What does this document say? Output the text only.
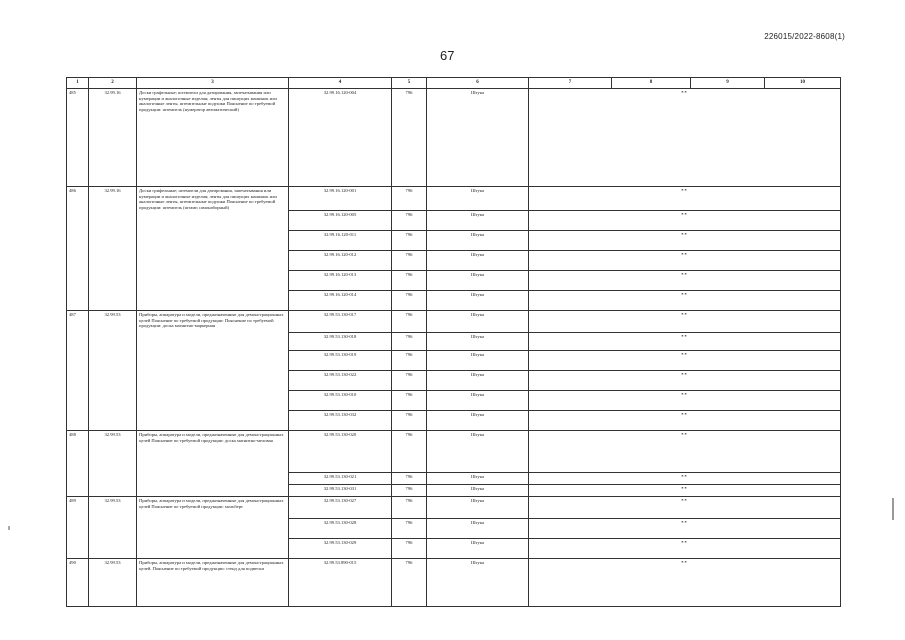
226015/2022-8608(1)
67
1	2	3	4	5	6	7	8	9	10
485	32.99.16	Доски графельные; штемпели для датирования, запечатывания или нумерации и аналогичные изделия; ленты для пишущих машинок или аналогичные ленты, штемпельные подушки Пояснение по требуемой продукции: штемпель (нумератор автоматический)	32.99.16.120-004	796	Штука	**			
486	32.99.16	Доски грифельные; штемпели для датирования, запечатывания или нумерации и аналогичные изделия; ленты для пишущих машинок или аналогичные ленты, штемпельные подушки Пояснение по требуемой продукции: штемпель (штамп самонаборный)	32.99.16.120-001	796	Штука	**			
			32.99.16.120-005	796	Штука	**			
			32.99.16.120-011	796	Штука	**			
			32.99.16.120-012	796	Штука	**			
			32.99.16.120-013	796	Штука	**			
			32.99.16.120-014	796	Штука	**			
487	32.99.53	Приборы, аппаратура и модели, предназначенные для демонстрационных целей Пояснение по требуемой продукции: Пояснение по требуемой продукции: доска магнитно-маркерная	32.99.53.130-017	796	Штука	**			
			32.99.53.130-018	796	Штука	**			
			32.99.53.130-019	796	Штука	**			
			32.99.53.130-022	796	Штука	**			
			32.99.53.130-010	796	Штука	**			
			32.99.53.130-032	796	Штука	**			
488	32.99.53	Приборы, аппаратура и модели, предназначенные для демонстрационных целей Пояснение по требуемой продукции: доска магнитно-меловая	32.99.53.130-020	796	Штука	**			
			32.99.53.130-021	796	Штука	**			
			32.99.53.130-031	796	Штука	**			
489	32.99.53	Приборы, аппаратура и модели, предназначенные для демонстрационных целей Пояснение по требуемой продукции: мольберт	32.99.53.130-027	796	Штука	**			
			32.99.53.130-028	796	Штука	**			
			32.99.53.130-029	796	Штука	**			
490	32.99.53	Приборы, аппаратура и модели, предназначенные для демонстрационных целей. Пояснение по требуемой продукции: стенд для подвески	32.99.53.890-015	796	Штука	**			
